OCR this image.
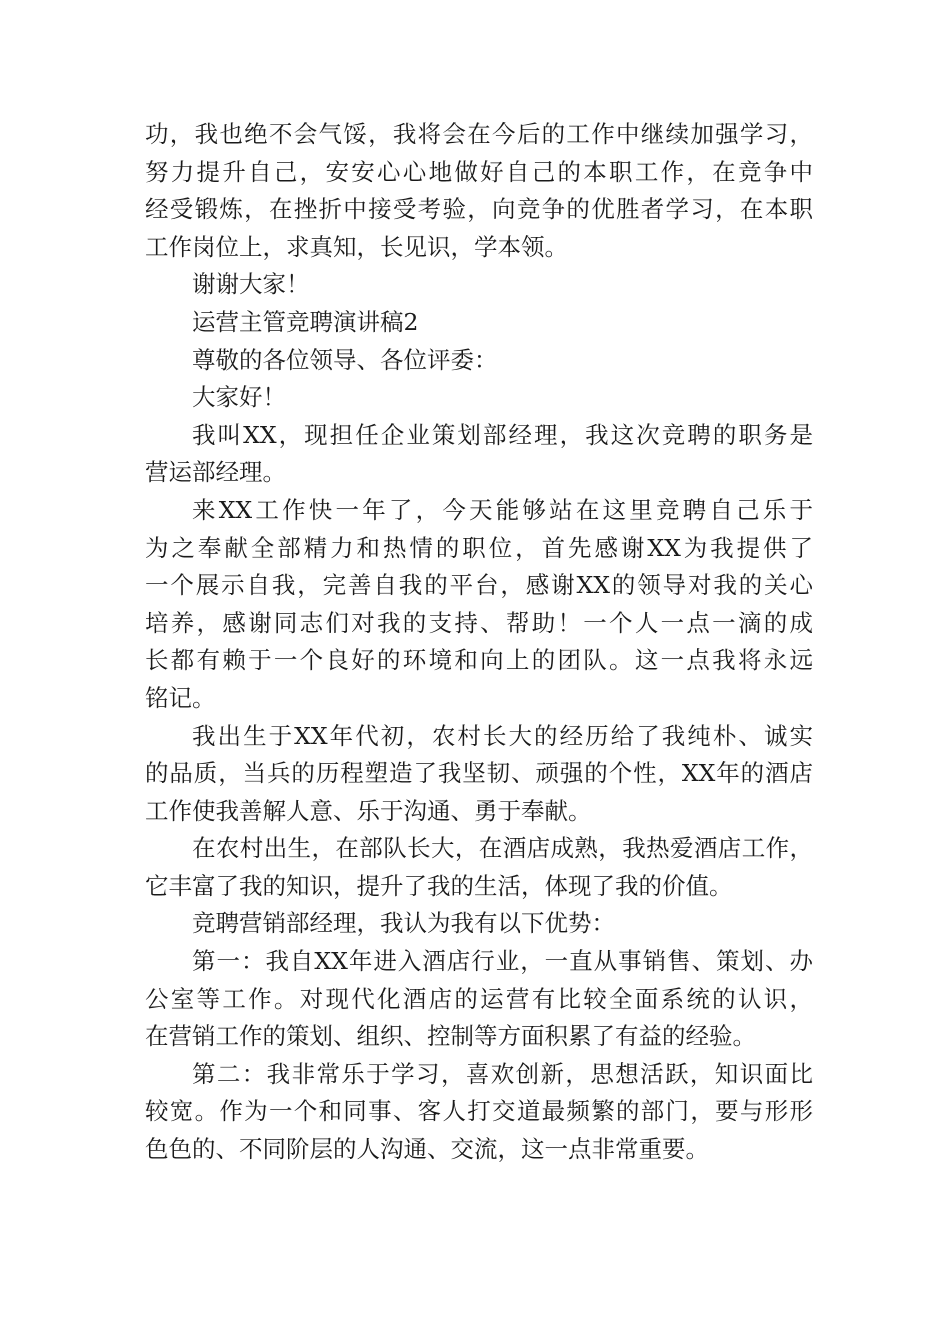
功，我也绝不会气馁，我将会在今后的工作中继续加强学习，
努力提升自己，安安心心地做好自己的本职工作，在竞争中
经受锻炼，在挫折中接受考验，向竞争的优胜者学习，在本职
工作岗位上，求真知，长见识，学本领。
谢谢大家！
运营主管竞聘演讲稿2
尊敬的各位领导、各位评委：
大家好！
我叫XX，现担任企业策划部经理，我这次竞聘的职务是
营运部经理。
来XX工作快一年了，今天能够站在这里竞聘自己乐于
为之奉献全部精力和热情的职位，首先感谢XX为我提供了
一个展示自我，完善自我的平台，感谢XX的领导对我的关心
培养，感谢同志们对我的支持、帮助！一个人一点一滴的成
长都有赖于一个良好的环境和向上的团队。这一点我将永远
铭记。
我出生于XX年代初，农村长大的经历给了我纯朴、诚实
的品质，当兵的历程塑造了我坚韧、顽强的个性，XX年的酒店
工作使我善解人意、乐于沟通、勇于奉献。
在农村出生，在部队长大，在酒店成熟，我热爱酒店工作，
它丰富了我的知识，提升了我的生活，体现了我的价值。
竞聘营销部经理，我认为我有以下优势：
第一：我自XX年进入酒店行业，一直从事销售、策划、办
公室等工作。对现代化酒店的运营有比较全面系统的认识，
在营销工作的策划、组织、控制等方面积累了有益的经验。
第二：我非常乐于学习，喜欢创新，思想活跃，知识面比
较宽。作为一个和同事、客人打交道最频繁的部门，要与形形
色色的、不同阶层的人沟通、交流，这一点非常重要。
